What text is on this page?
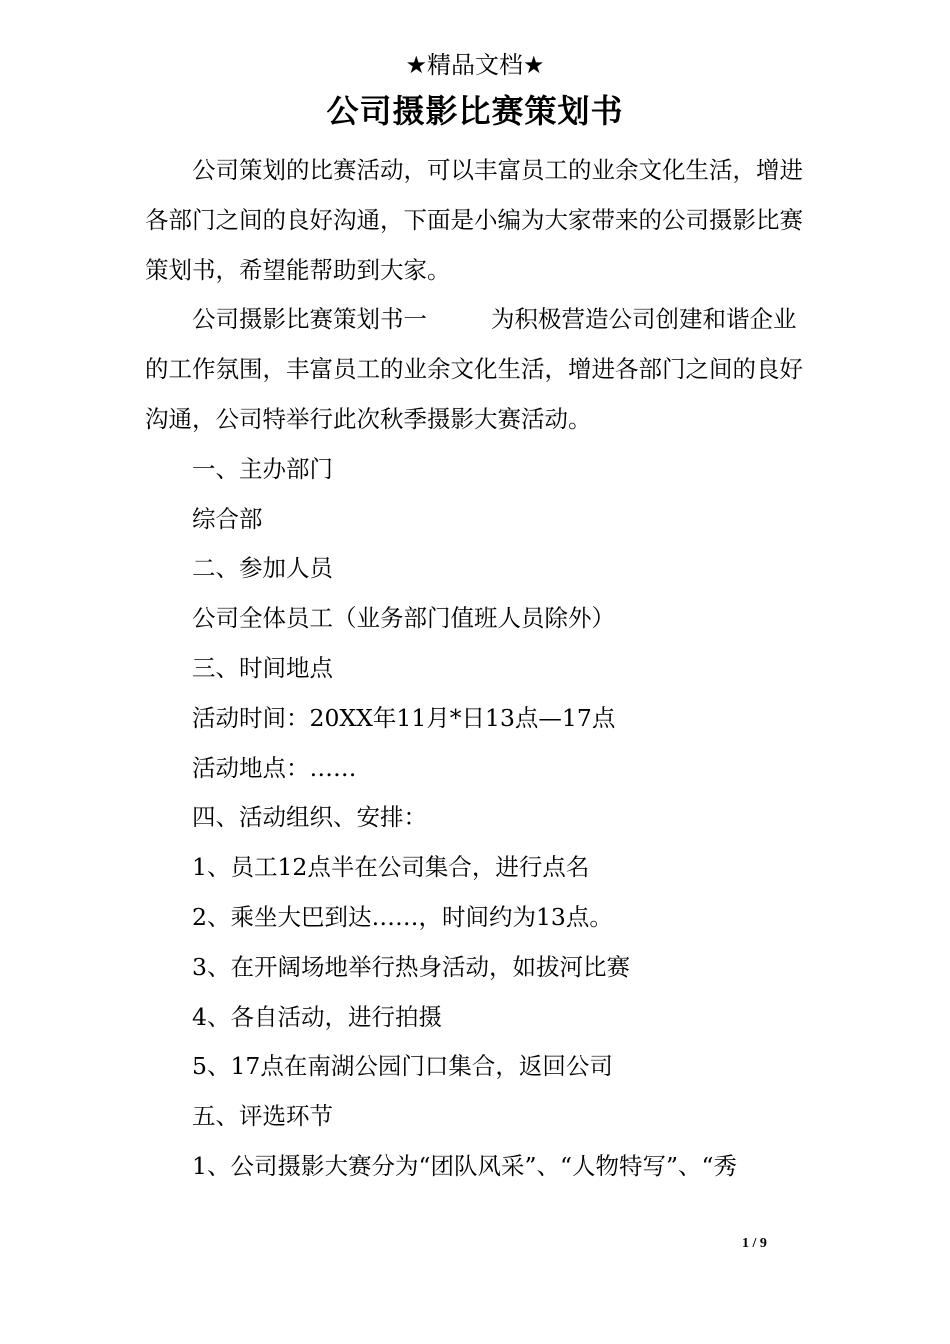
★精品文档★
公司摄影比赛策划书

公司策划的比赛活动，可以丰富员工的业余文化生活，增进各部门之间的良好沟通，下面是小编为大家带来的公司摄影比赛策划书，希望能帮助到大家。

公司摄影比赛策划书一	为积极营造公司创建和谐企业的工作氛围，丰富员工的业余文化生活，增进各部门之间的良好沟通，公司特举行此次秋季摄影大赛活动。

一、主办部门

综合部

二、参加人员

公司全体员工（业务部门值班人员除外）

三、时间地点

活动时间：20XX年11月*日13点—17点

活动地点：……

四、活动组织、安排：

1、员工12点半在公司集合，进行点名

2、乘坐大巴到达……，时间约为13点。

3、在开阔场地举行热身活动，如拔河比赛

4、各自活动，进行拍摄

5、17点在南湖公园门口集合，返回公司

五、评选环节

1、公司摄影大赛分为“团队风采”、“人物特写”、“秀

1 / 9
